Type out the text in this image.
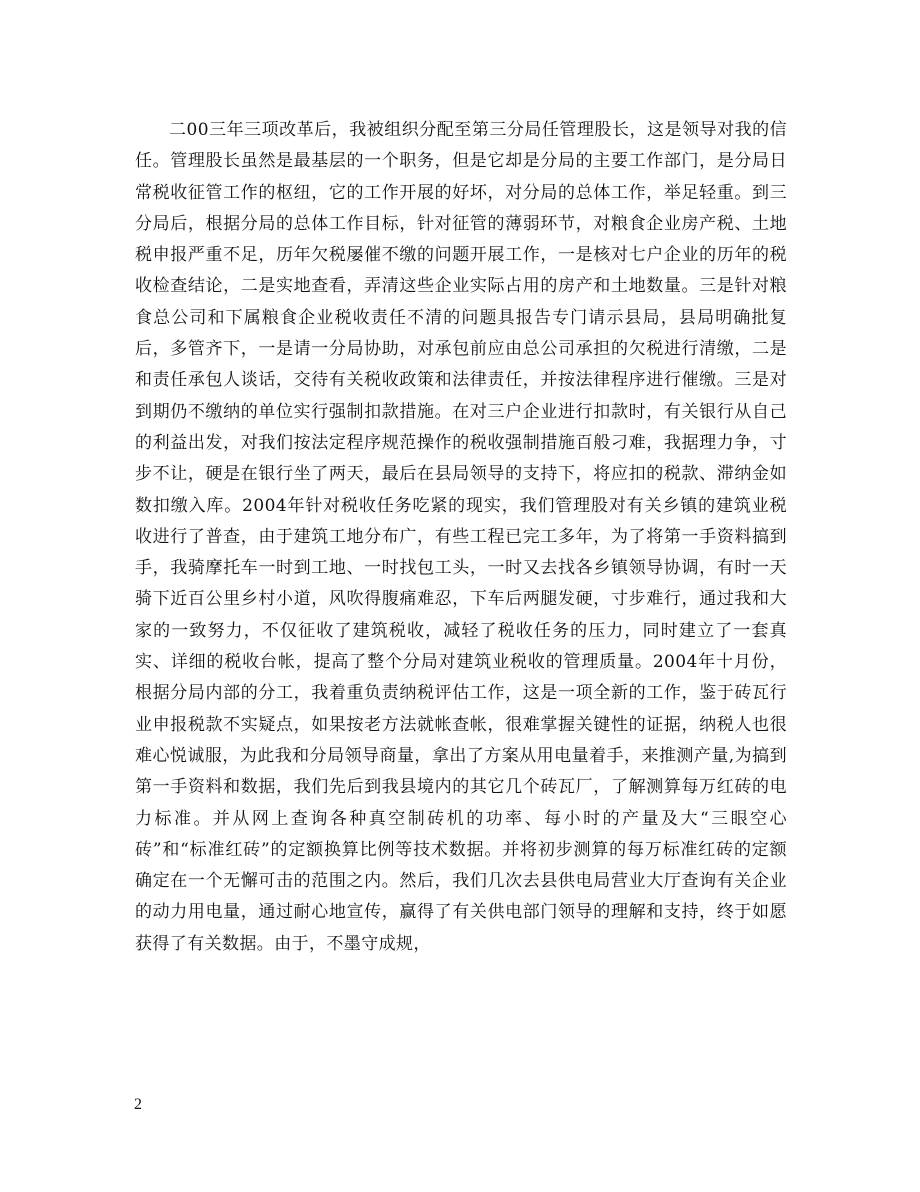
二00三年三项改革后，我被组织分配至第三分局任管理股长，这是领导对我的信任。管理股长虽然是最基层的一个职务，但是它却是分局的主要工作部门，是分局日常税收征管工作的枢纽，它的工作开展的好坏，对分局的总体工作，举足轻重。到三分局后，根据分局的总体工作目标，针对征管的薄弱环节，对粮食企业房产税、土地税申报严重不足，历年欠税屡催不缴的问题开展工作，一是核对七户企业的历年的税收检查结论，二是实地查看，弄清这些企业实际占用的房产和土地数量。三是针对粮食总公司和下属粮食企业税收责任不清的问题具报告专门请示县局，县局明确批复后，多管齐下，一是请一分局协助，对承包前应由总公司承担的欠税进行清缴，二是和责任承包人谈话，交待有关税收政策和法律责任，并按法律程序进行催缴。三是对到期仍不缴纳的单位实行强制扣款措施。在对三户企业进行扣款时，有关银行从自己的利益出发，对我们按法定程序规范操作的税收强制措施百般刁难，我据理力争，寸步不让，硬是在银行坐了两天，最后在县局领导的支持下，将应扣的税款、滞纳金如数扣缴入库。2004年针对税收任务吃紧的现实，我们管理股对有关乡镇的建筑业税收进行了普查，由于建筑工地分布广，有些工程已完工多年，为了将第一手资料搞到手，我骑摩托车一时到工地、一时找包工头，一时又去找各乡镇领导协调，有时一天骑下近百公里乡村小道，风吹得腹痛难忍，下车后两腿发硬，寸步难行，通过我和大家的一致努力，不仅征收了建筑税收，减轻了税收任务的压力，同时建立了一套真实、详细的税收台帐，提高了整个分局对建筑业税收的管理质量。2004年十月份，根据分局内部的分工，我着重负责纳税评估工作，这是一项全新的工作，鉴于砖瓦行业申报税款不实疑点，如果按老方法就帐查帐，很难掌握关键性的证据，纳税人也很难心悦诚服，为此我和分局领导商量，拿出了方案从用电量着手，来推测产量,为搞到第一手资料和数据，我们先后到我县境内的其它几个砖瓦厂，了解测算每万红砖的电力标准。并从网上查询各种真空制砖机的功率、每小时的产量及大“三眼空心砖”和“标准红砖”的定额换算比例等技术数据。并将初步测算的每万标准红砖的定额确定在一个无懈可击的范围之内。然后，我们几次去县供电局营业大厅查询有关企业的动力用电量，通过耐心地宣传，赢得了有关供电部门领导的理解和支持，终于如愿获得了有关数据。由于，不墨守成规，

2
